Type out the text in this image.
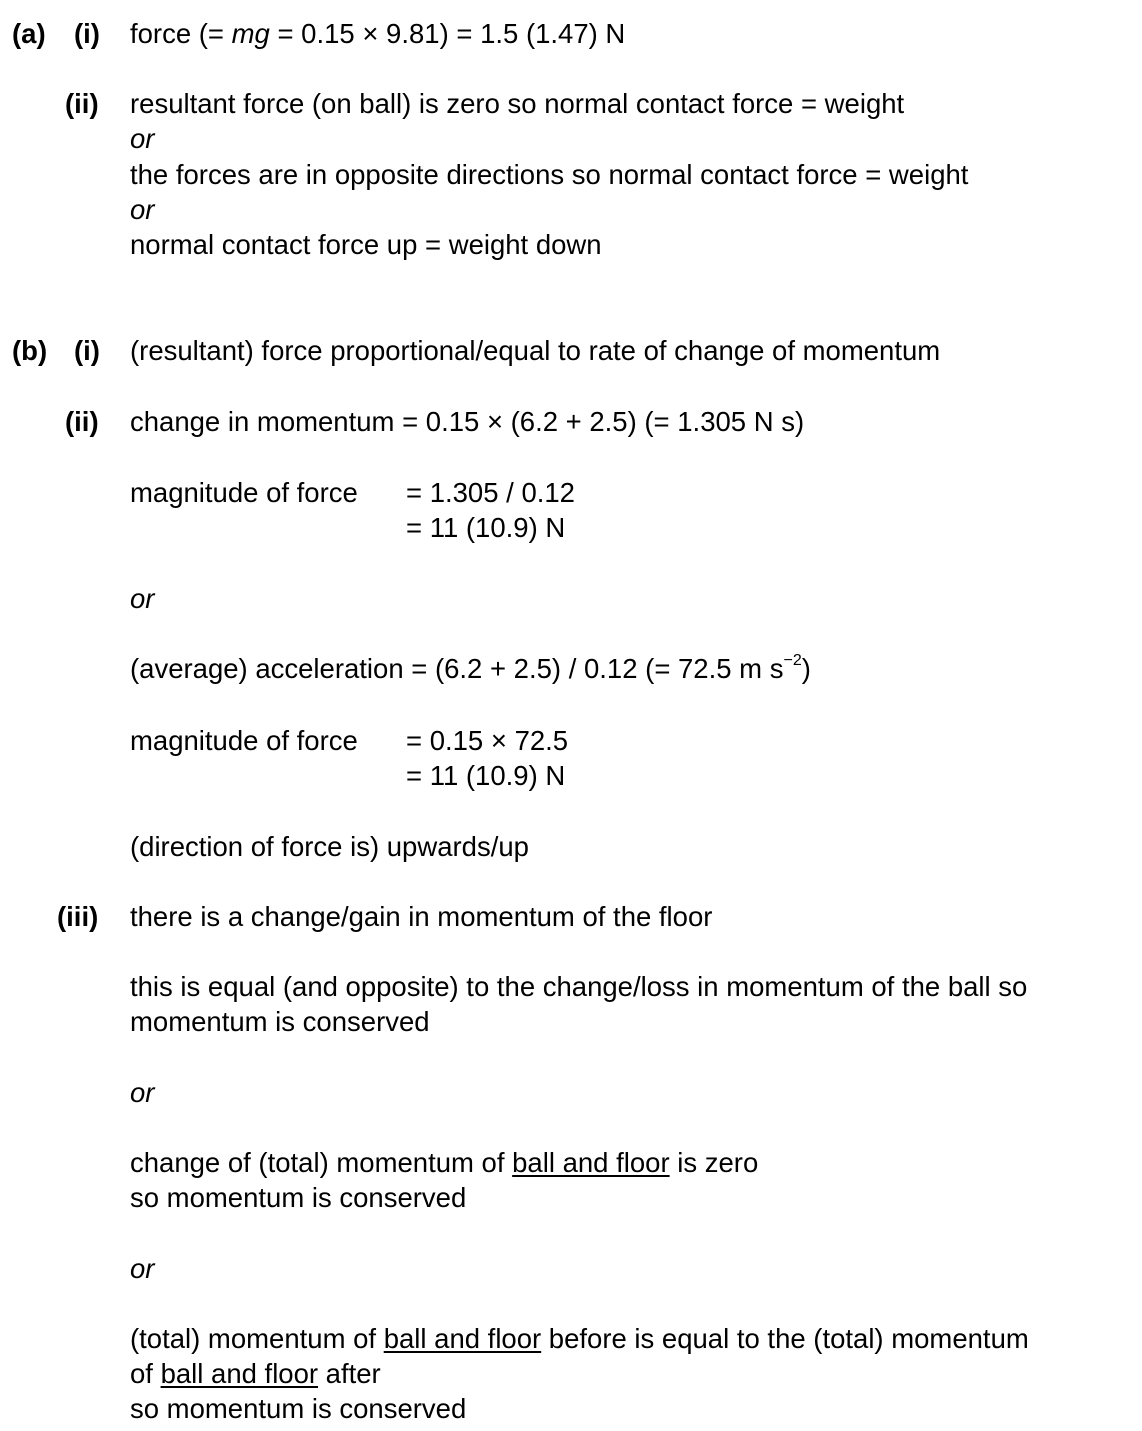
(a) (i) force (= mg = 0.15 × 9.81) = 1.5 (1.47) N
(ii) resultant force (on ball) is zero so normal contact force = weight
or
the forces are in opposite directions so normal contact force = weight
or
normal contact force up = weight down
(b) (i) (resultant) force proportional/equal to rate of change of momentum
(ii) change in momentum = 0.15 × (6.2 + 2.5) (= 1.305 N s)
magnitude of force = 1.305 / 0.12
= 11 (10.9) N
or
(average) acceleration = (6.2 + 2.5) / 0.12 (= 72.5 m $s^{-2}$)
magnitude of force = 0.15 × 72.5
= 11 (10.9) N
(direction of force is) upwards/up
(iii) there is a change/gain in momentum of the floor
this is equal (and opposite) to the change/loss in momentum of the ball so
momentum is conserved
or
change of (total) momentum of ball and floor is zero
so momentum is conserved
or
(total) momentum of ball and floor before is equal to the (total) momentum
of ball and floor after
so momentum is conserved
